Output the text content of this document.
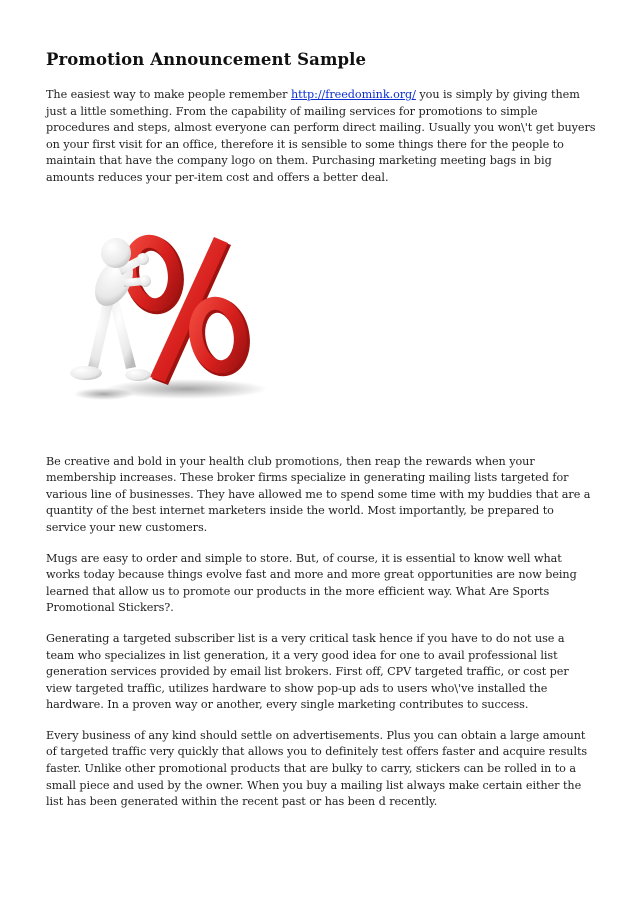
Promotion Announcement Sample

The easiest way to make people remember http://freedomink.org/ you is simply by giving them just a little something. From the capability of mailing services for promotions to simple procedures and steps, almost everyone can perform direct mailing. Usually you won\'t get buyers on your first visit for an office, therefore it is sensible to some things there for the people to maintain that have the company logo on them. Purchasing marketing meeting bags in big amounts reduces your per-item cost and offers a better deal.

Be creative and bold in your health club promotions, then reap the rewards when your membership increases. These broker firms specialize in generating mailing lists targeted for various line of businesses. They have allowed me to spend some time with my buddies that are a quantity of the best internet marketers inside the world. Most importantly, be prepared to service your new customers.

Mugs are easy to order and simple to store. But, of course, it is essential to know well what works today because things evolve fast and more and more great opportunities are now being learned that allow us to promote our products in the more efficient way. What Are Sports Promotional Stickers?.

Generating a targeted subscriber list is a very critical task hence if you have to do not use a team who specializes in list generation, it a very good idea for one to avail professional list generation services provided by email list brokers. First off, CPV targeted traffic, or cost per view targeted traffic, utilizes hardware to show pop-up ads to users who\'ve installed the hardware. In a proven way or another, every single marketing contributes to success.

Every business of any kind should settle on advertisements. Plus you can obtain a large amount of targeted traffic very quickly that allows you to definitely test offers faster and acquire results faster. Unlike other promotional products that are bulky to carry, stickers can be rolled in to a small piece and used by the owner. When you buy a mailing list always make certain either the list has been generated within the recent past or has been d recently.
